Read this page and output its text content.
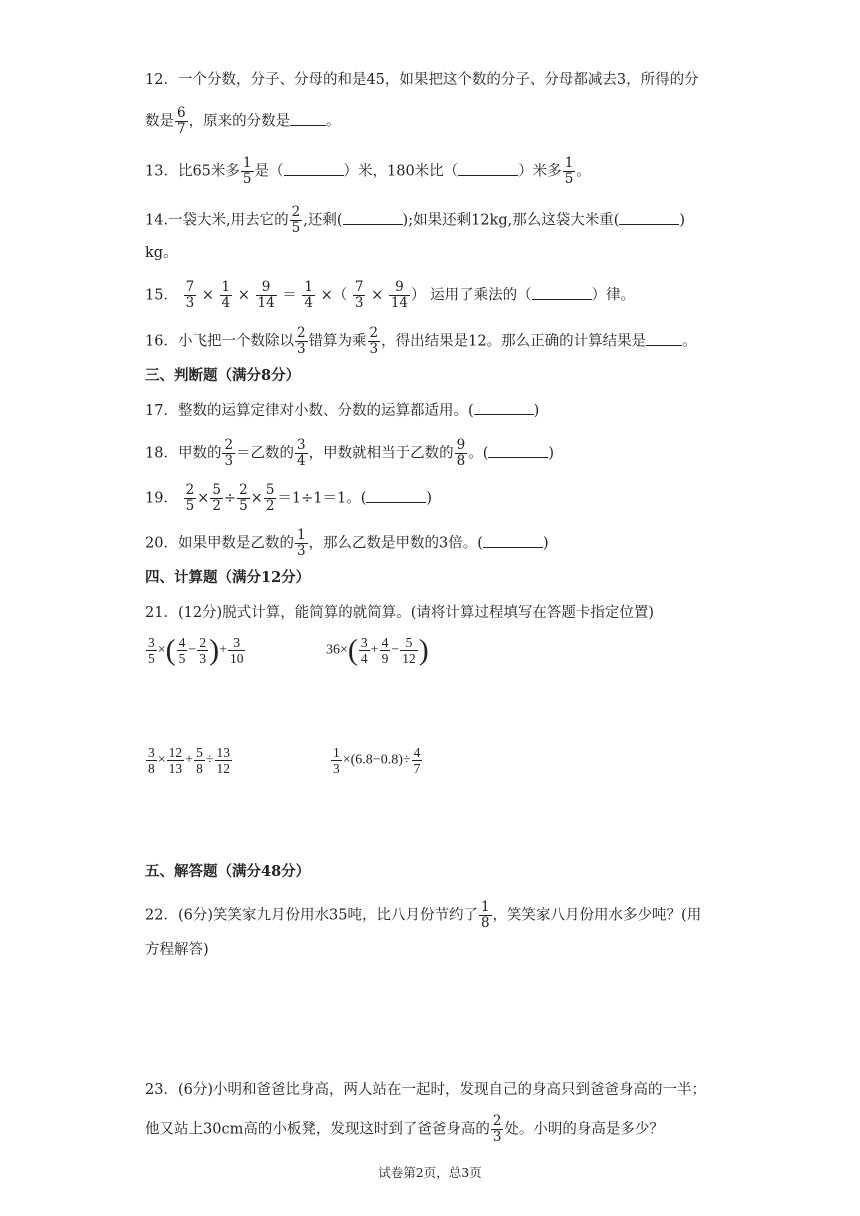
12．一个分数，分子、分母的和是45，如果把这个数的分子、分母都减去3，所得的分
数是 $\frac{6}{7}$ ，原来的分数是 。
13．比65米多 $\frac{1}{5}$ 是（	）米，180米比（	）米多 $\frac{1}{5}$ 。
14.一袋大米,用去它的 $\frac{2}{5}$ ,还剩(	);如果还剩12kg,那么这袋大米重(	)
kg。
15． $\frac{7}{3} \times \frac{1}{4} \times \frac{9}{14} = \frac{1}{4}$ ×（ $\frac{7}{3} \times \frac{9}{14}$ ） 运用了乘法的（	）律。
16．小飞把一个数除以 $\frac{2}{3}$ 错算为乘 $\frac{2}{3}$ ，得出结果是12。那么正确的计算结果是 。
三、判断题（满分8分）
17．整数的运算定律对小数、分数的运算都适用。(	)
18．甲数的 $\frac{2}{3}$ ＝乙数的 $\frac{3}{4}$ ，甲数就相当于乙数的 $\frac{9}{8}$ 。(	)
19． $\frac{2}{5} \times \frac{5}{2} \div \frac{2}{5} \times \frac{5}{2} =1\div 1=1$。(	)
20．如果甲数是乙数的 $\frac{1}{3}$ ，那么乙数是甲数的3倍。(	)
四、计算题（满分12分）
21．(12分)脱式计算，能简算的就简算。(请将计算过程填写在答题卡指定位置)
$\frac{3}{5}$ ×( $\frac{4}{5} - \frac{2}{3}$ )+ $\frac{3}{10}$	$36\times( \frac{3}{4} + \frac{4}{9} - \frac{5}{12}$ )
$\frac{3}{8} \times \frac{12}{13} + \frac{5}{8} \div \frac{13}{12}$	$\frac{1}{3} \times(6.8-0.8)\div \frac{4}{7}$
五、解答题（满分48分）
22．(6分)笑笑家九月份用水35吨，比八月份节约了 $\frac{1}{8}$ ，笑笑家八月份用水多少吨？(用
方程解答)
23．(6分)小明和爸爸比身高，两人站在一起时，发现自己的身高只到爸爸身高的一半；
他又站上30cm高的小板凳，发现这时到了爸爸身高的 $\frac{2}{3}$ 处。小明的身高是多少？
试卷第2页，总3页
